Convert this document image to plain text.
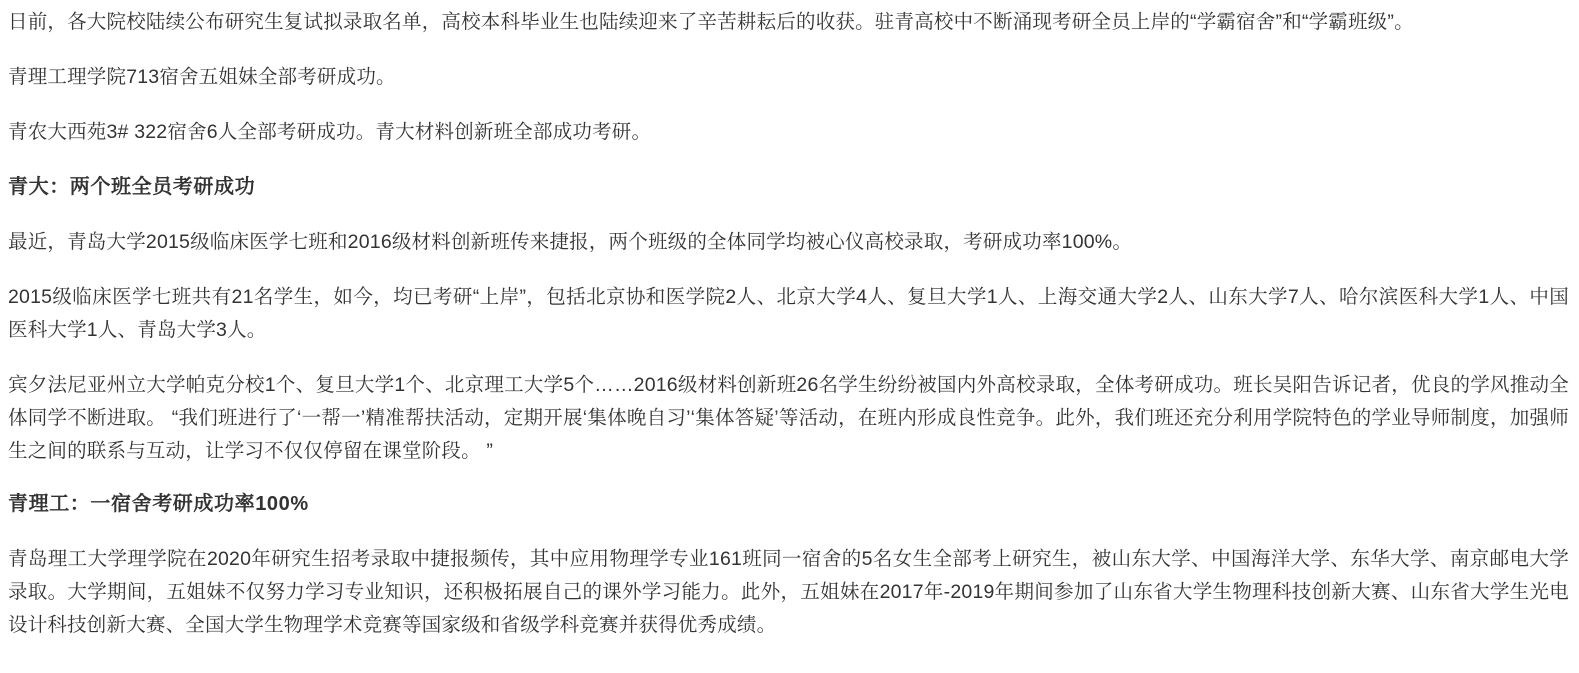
日前，各大院校陆续公布研究生复试拟录取名单，高校本科毕业生也陆续迎来了辛苦耕耘后的收获。驻青高校中不断涌现考研全员上岸的“学霸宿舍”和“学霸班级”。

青理工理学院713宿舍五姐妹全部考研成功。

青农大西苑3# 322宿舍6人全部考研成功。青大材料创新班全部成功考研。

青大：两个班全员考研成功

最近，青岛大学2015级临床医学七班和2016级材料创新班传来捷报，两个班级的全体同学均被心仪高校录取，考研成功率100%。

2015级临床医学七班共有21名学生，如今，均已考研“上岸”，包括北京协和医学院2人、北京大学4人、复旦大学1人、上海交通大学2人、山东大学7人、哈尔滨医科大学1人、中国医科大学1人、青岛大学3人。

宾夕法尼亚州立大学帕克分校1个、复旦大学1个、北京理工大学5个……2016级材料创新班26名学生纷纷被国内外高校录取，全体考研成功。班长吴阳告诉记者，优良的学风推动全体同学不断进取。 “我们班进行了‘一帮一’精准帮扶活动，定期开展‘集体晚自习’‘集体答疑’等活动，在班内形成良性竞争。此外，我们班还充分利用学院特色的学业导师制度，加强师生之间的联系与互动，让学习不仅仅停留在课堂阶段。 ”

青理工：一宿舍考研成功率100%

青岛理工大学理学院在2020年研究生招考录取中捷报频传，其中应用物理学专业161班同一宿舍的5名女生全部考上研究生，被山东大学、中国海洋大学、东华大学、南京邮电大学录取。大学期间，五姐妹不仅努力学习专业知识，还积极拓展自己的课外学习能力。此外，五姐妹在2017年-2019年期间参加了山东省大学生物理科技创新大赛、山东省大学生光电设计科技创新大赛、全国大学生物理学术竞赛等国家级和省级学科竞赛并获得优秀成绩。
